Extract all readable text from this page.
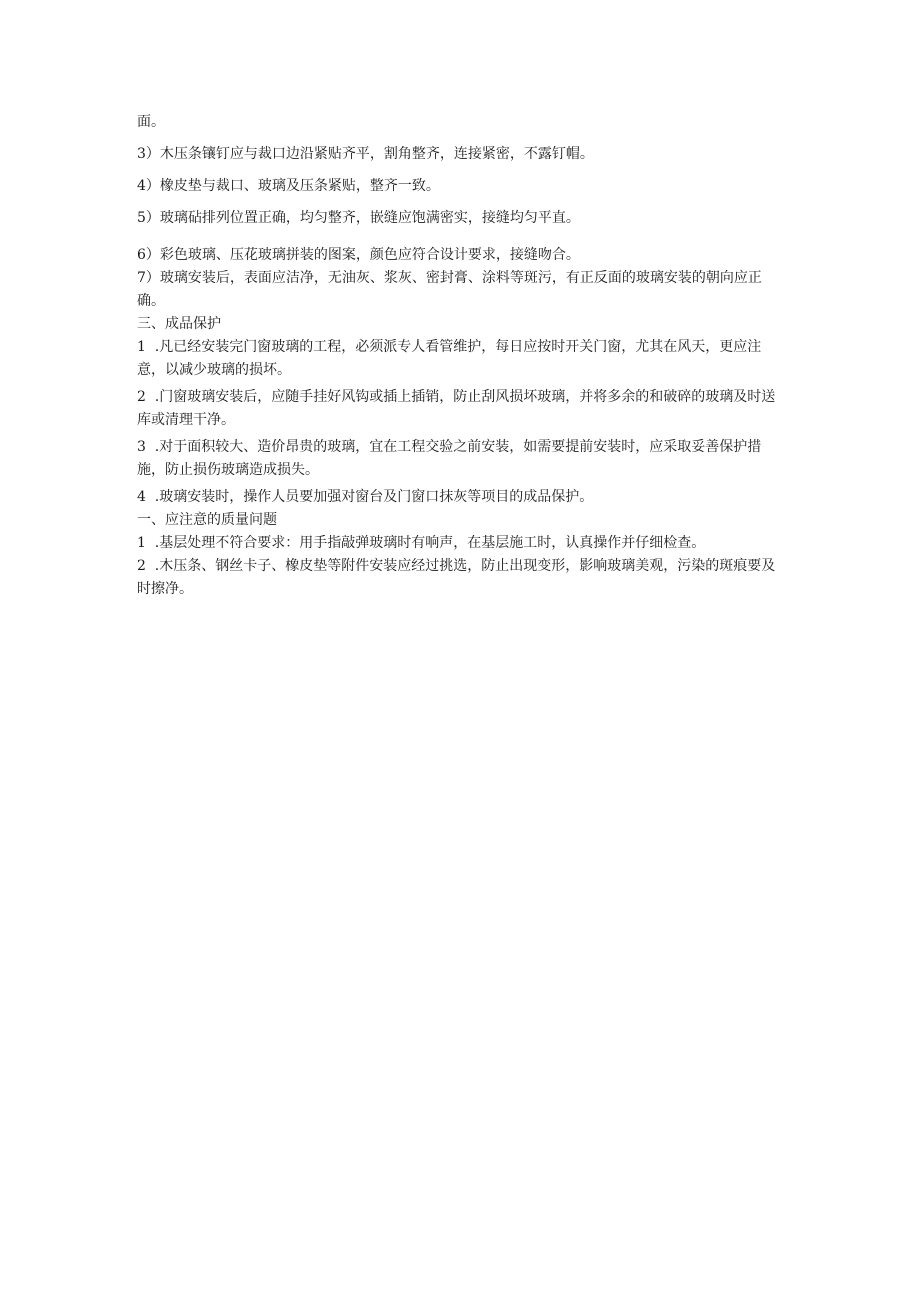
面。

3）木压条镶钉应与裁口边沿紧贴齐平，割角整齐，连接紧密，不露钉帽。

4）橡皮垫与裁口、玻璃及压条紧贴，整齐一致。

5）玻璃砧排列位置正确，均匀整齐，嵌缝应饱满密实，接缝均匀平直。

6）彩色玻璃、压花玻璃拼装的图案，颜色应符合设计要求，接缝吻合。

7）玻璃安装后，表面应洁净，无油灰、浆灰、密封膏、涂料等斑污，有正反面的玻璃安装的朝向应正确。

三、成品保护

1  .凡已经安装完门窗玻璃的工程，必须派专人看管维护，每日应按时开关门窗，尤其在风天，更应注意，以减少玻璃的损坏。

2  .门窗玻璃安装后，应随手挂好风钩或插上插销，防止刮风损坏玻璃，并将多余的和破碎的玻璃及时送库或清理干净。

3  .对于面积较大、造价昂贵的玻璃，宜在工程交验之前安装，如需要提前安装时，应采取妥善保护措施，防止损伤玻璃造成损失。

4  .玻璃安装时，操作人员要加强对窗台及门窗口抹灰等项目的成品保护。

一、应注意的质量问题

1  .基层处理不符合要求：用手指敲弹玻璃时有响声，在基层施工时，认真操作并仔细检查。

2  .木压条、钢丝卡子、橡皮垫等附件安装应经过挑选，防止出现变形，影响玻璃美观，污染的斑痕要及时擦净。
